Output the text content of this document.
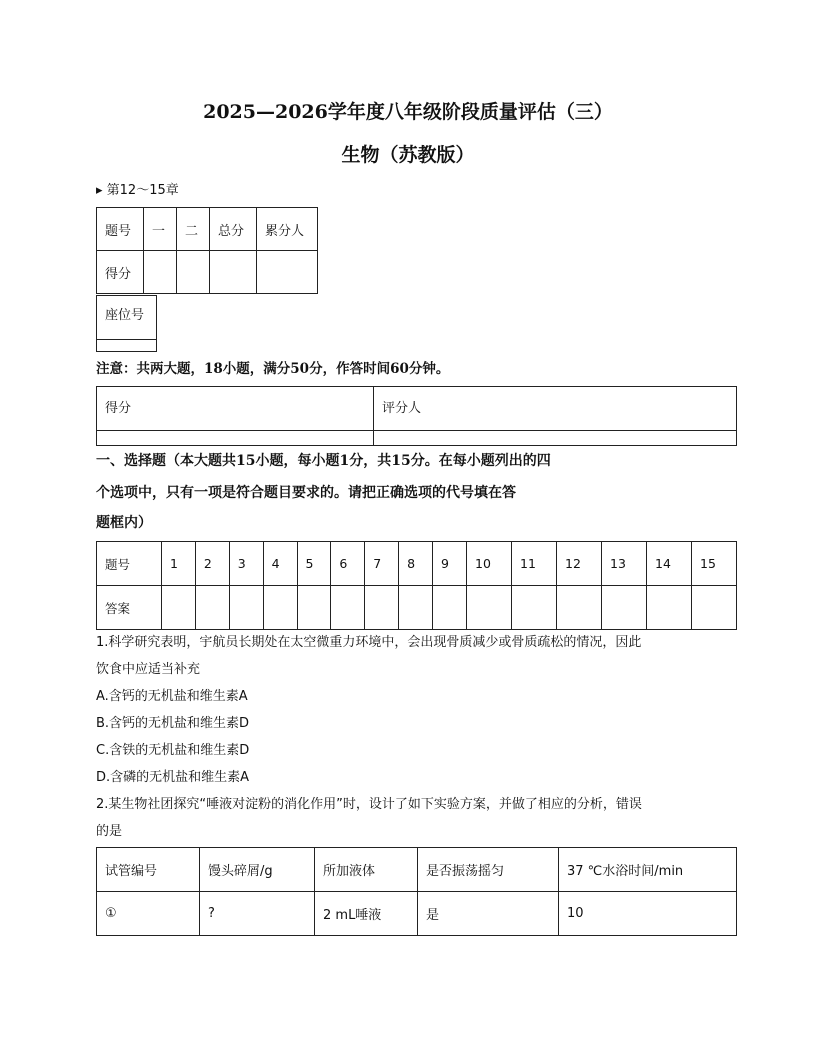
2025—2026学年度八年级阶段质量评估（三）
生物（苏教版）
▸ 第12～15章
题号	一	二	总分	累分人
得分				
座位号
注意：共两大题，18小题，满分50分，作答时间60分钟。
得分	评分人

一、选择题（本大题共15小题，每小题1分，共15分。在每小题列出的四
个选项中，只有一项是符合题目要求的。请把正确选项的代号填在答
题框内）
题号	1	2	3	4	5	6	7	8	9	10	11	12	13	14	15
答案															
1.科学研究表明，宇航员长期处在太空微重力环境中，会出现骨质减少或骨质疏松的情况，因此
饮食中应适当补充
A.含钙的无机盐和维生素A
B.含钙的无机盐和维生素D
C.含铁的无机盐和维生素D
D.含磷的无机盐和维生素A
2.某生物社团探究“唾液对淀粉的消化作用”时，设计了如下实验方案，并做了相应的分析，错误
的是
试管编号	馒头碎屑/g	所加液体	是否振荡摇匀	37 ℃水浴时间/min
①	?	2 mL唾液	是	10
